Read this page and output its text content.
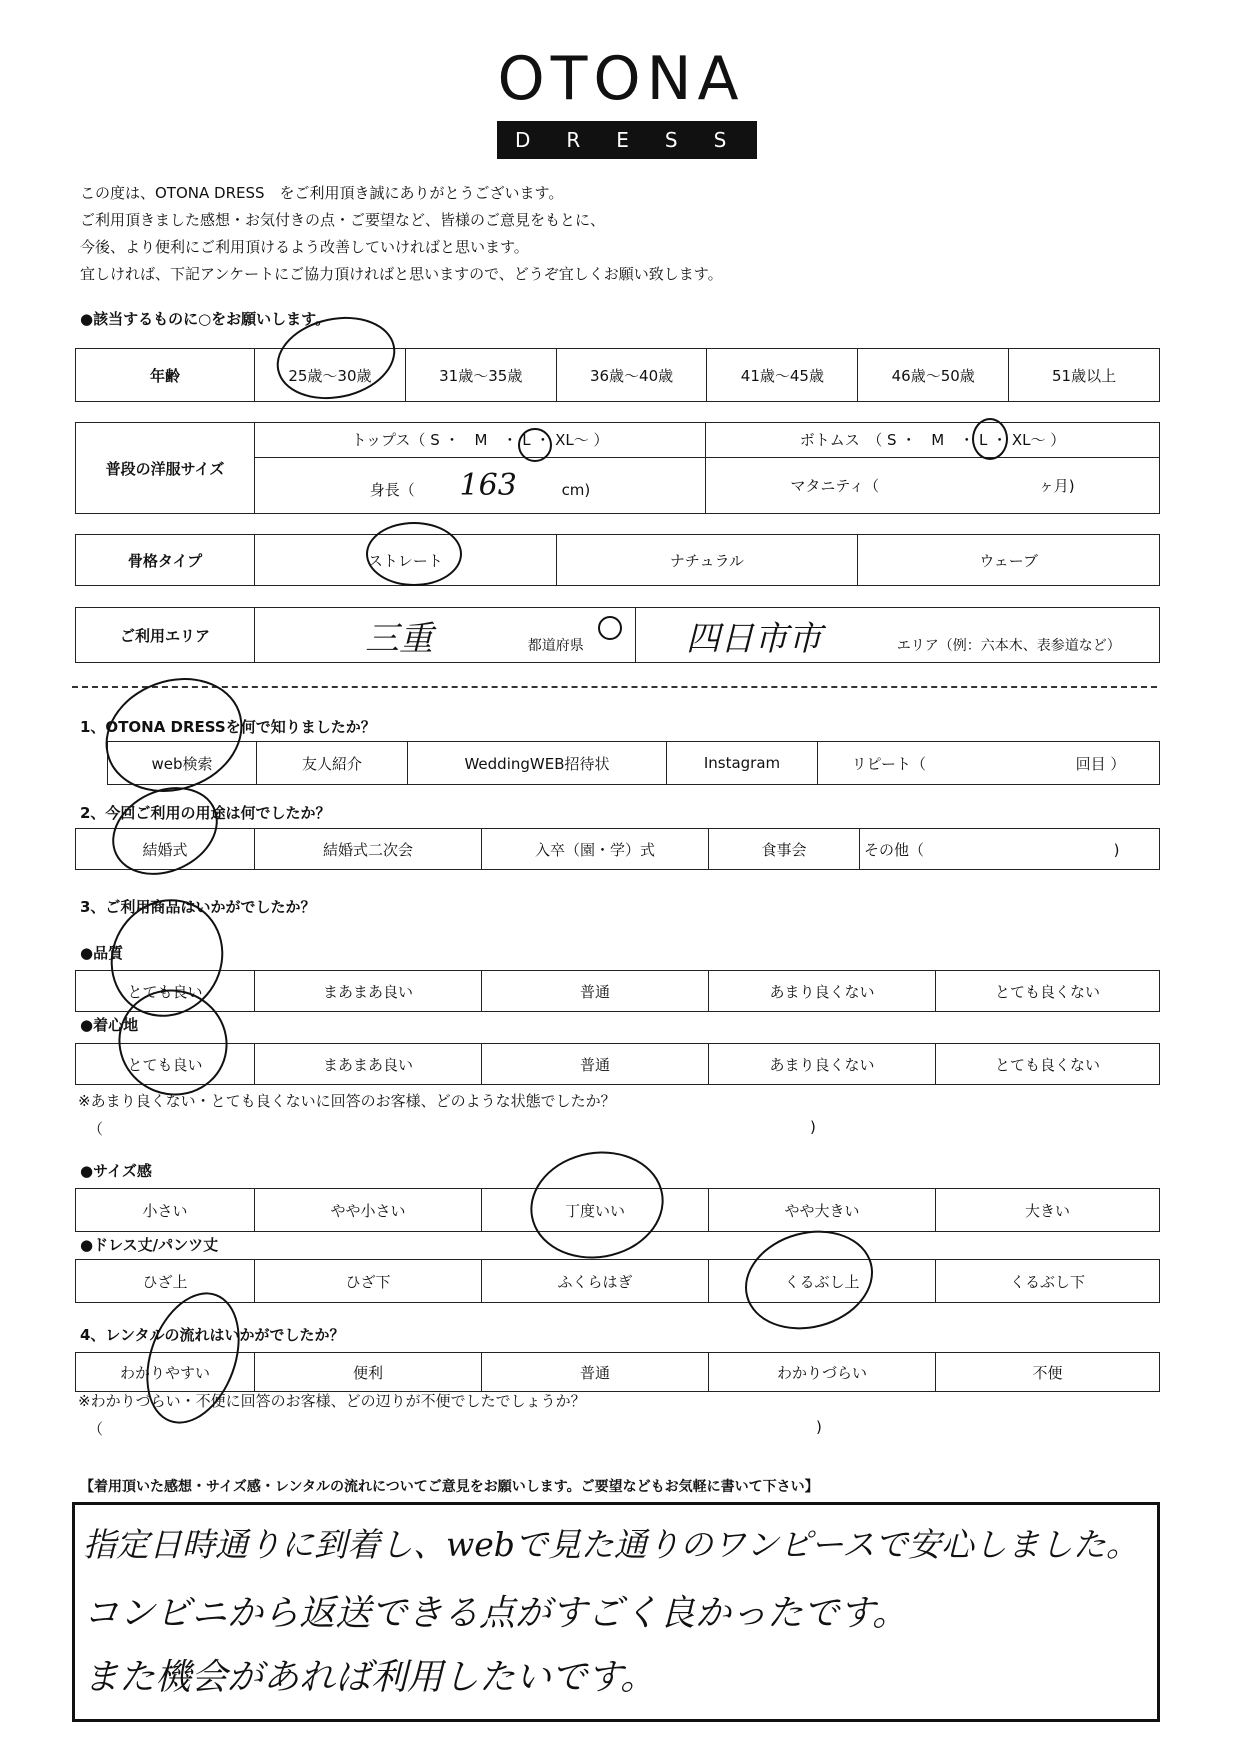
OTONA
DRESS
この度は、OTONA DRESS　をご利用頂き誠にありがとうございます。
ご利用頂きました感想・お気付きの点・ご要望など、皆様のご意見をもとに、
今後、より便利にご利用頂けるよう改善していければと思います。
宜しければ、下記アンケートにご協力頂ければと思いますので、どうぞ宜しくお願い致します。
●該当するものに○をお願いします。
年齢	25歳～30歳	31歳～35歳	36歳～40歳	41歳～45歳	46歳～50歳	51歳以上
普段の洋服サイズ	トップス（ S ・　M　・ L ・ XL～ ）	ボトムス　（ S ・　M　・ L ・ XL～ ）
	身長（ 163 cm)	マタニティ（ ヶ月)
骨格タイプ	ストレート	ナチュラル	ウェーブ
ご利用エリア	三重	都道府県	四日市市	エリア（例：六本木、表参道など）
1、OTONA DRESSを何で知りましたか？
web検索	友人紹介	WeddingWEB招待状	Instagram	リピート（	回目 ）
2、今回ご利用の用途は何でしたか？
結婚式	結婚式二次会	入卒（園・学）式	食事会	その他（	)
3、ご利用商品はいかがでしたか？
●品質
とても良い	まあまあ良い	普通	あまり良くない	とても良くない
●着心地
とても良い	まあまあ良い	普通	あまり良くない	とても良くない
※あまり良くない・とても良くないに回答のお客様、どのような状態でしたか？
（	)
●サイズ感
小さい	やや小さい	丁度いい	やや大きい	大きい
●ドレス丈/パンツ丈
ひざ上	ひざ下	ふくらはぎ	くるぶし上	くるぶし下
4、レンタルの流れはいかがでしたか？
わかりやすい	便利	普通	わかりづらい	不便
※わかりづらい・不便に回答のお客様、どの辺りが不便でしたでしょうか？
（	)
【着用頂いた感想・サイズ感・レンタルの流れについてご意見をお願いします。ご要望などもお気軽に書いて下さい】
指定日時通りに到着し、webで見た通りのワンピースで安心しました。
コンビニから返送できる点がすごく良かったです。
また機会があれば利用したいです。
